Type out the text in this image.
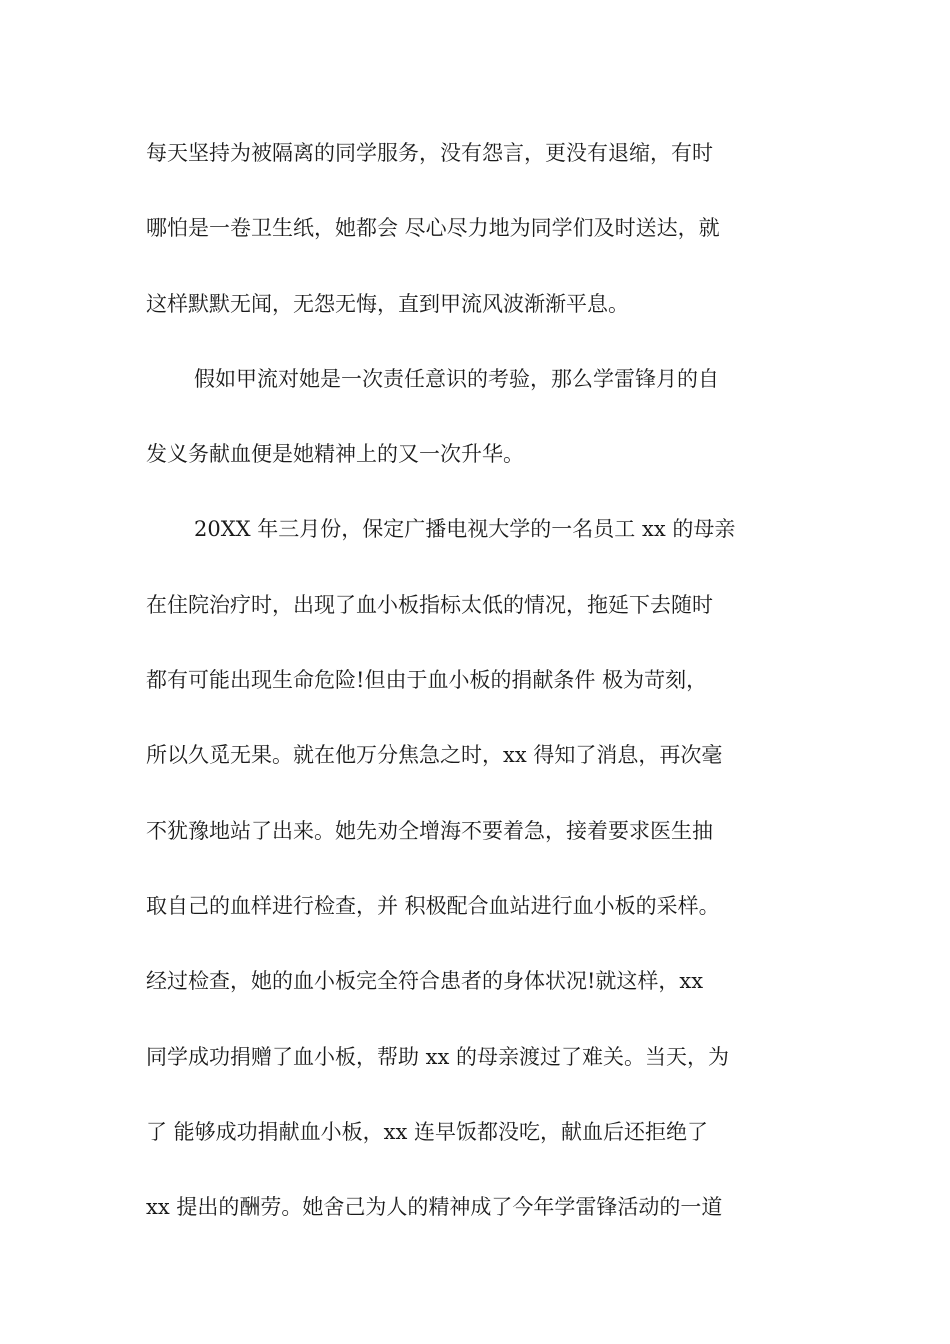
每天坚持为被隔离的同学服务，没有怨言，更没有退缩，有时
哪怕是一卷卫生纸，她都会 尽心尽力地为同学们及时送达，就
这样默默无闻，无怨无悔，直到甲流风波渐渐平息。
假如甲流对她是一次责任意识的考验，那么学雷锋月的自
发义务献血便是她精神上的又一次升华。
20XX 年三月份，保定广播电视大学的一名员工 xx 的母亲
在住院治疗时，出现了血小板指标太低的情况，拖延下去随时
都有可能出现生命危险!但由于血小板的捐献条件 极为苛刻，
所以久觅无果。就在他万分焦急之时，xx 得知了消息，再次毫
不犹豫地站了出来。她先劝仝增海不要着急，接着要求医生抽
取自己的血样进行检查，并 积极配合血站进行血小板的采样。
经过检查，她的血小板完全符合患者的身体状况!就这样，xx
同学成功捐赠了血小板，帮助 xx 的母亲渡过了难关。当天，为
了 能够成功捐献血小板，xx 连早饭都没吃，献血后还拒绝了
xx 提出的酬劳。她舍己为人的精神成了今年学雷锋活动的一道
